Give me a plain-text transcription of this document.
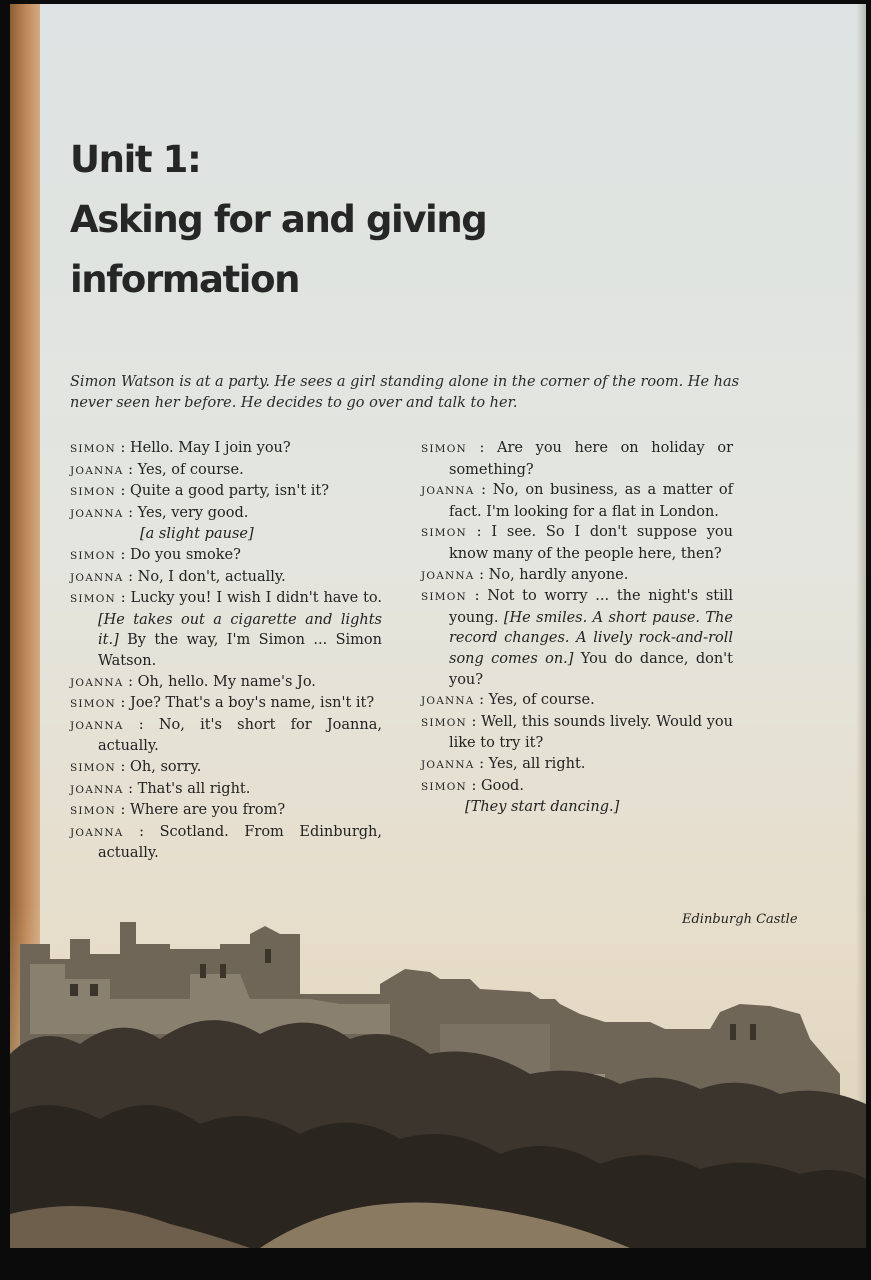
Unit 1:
Asking for and giving
information

Simon Watson is at a party. He sees a girl standing alone in the corner of the room. He has never seen her before. He decides to go over and talk to her.

SIMON : Hello. May I join you?
JOANNA : Yes, of course.
SIMON : Quite a good party, isn't it?
JOANNA : Yes, very good.
[a slight pause]
SIMON : Do you smoke?
JOANNA : No, I don't, actually.
SIMON : Lucky you! I wish I didn't have to. [He takes out a cigarette and lights it.] By the way, I'm Simon ... Simon Watson.
JOANNA : Oh, hello. My name's Jo.
SIMON : Joe? That's a boy's name, isn't it?
JOANNA : No, it's short for Joanna, actually.
SIMON : Oh, sorry.
JOANNA : That's all right.
SIMON : Where are you from?
JOANNA : Scotland. From Edinburgh, actually.
SIMON : Are you here on holiday or something?
JOANNA : No, on business, as a matter of fact. I'm looking for a flat in London.
SIMON : I see. So I don't suppose you know many of the people here, then?
JOANNA : No, hardly anyone.
SIMON : Not to worry ... the night's still young. [He smiles. A short pause. The record changes. A lively rock-and-roll song comes on.] You do dance, don't you?
JOANNA : Yes, of course.
SIMON : Well, this sounds lively. Would you like to try it?
JOANNA : Yes, all right.
SIMON : Good.
[They start dancing.]
Edinburgh Castle
